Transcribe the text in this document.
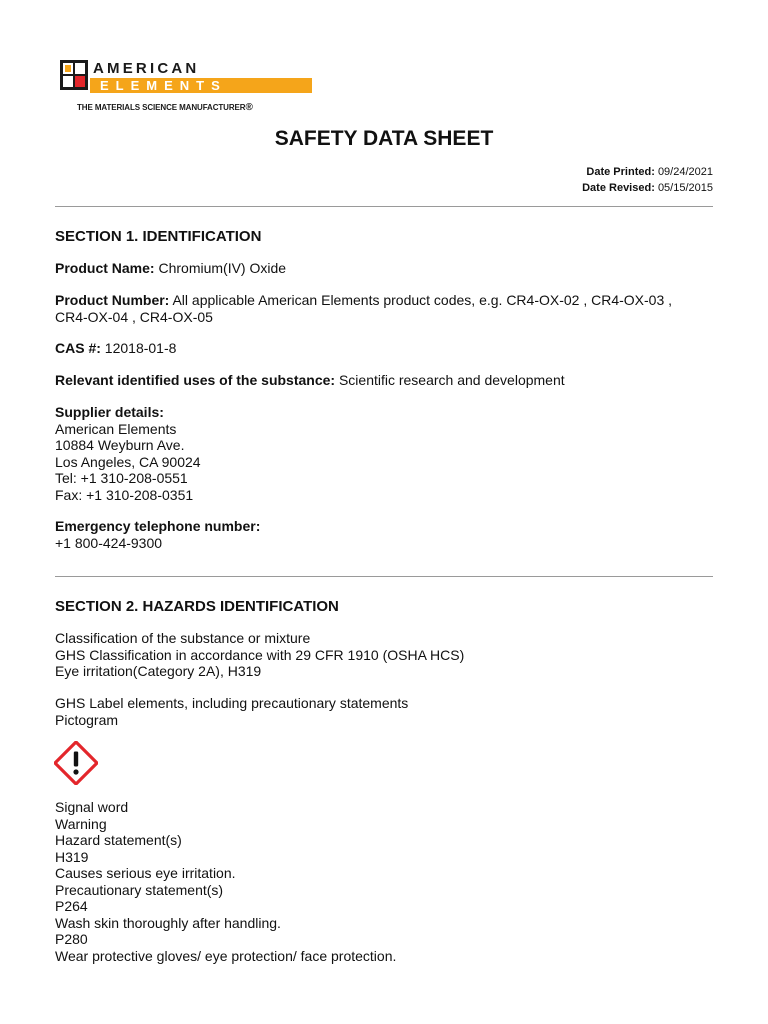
AMERICAN
ELEMENTS
THE MATERIALS SCIENCE MANUFACTURER®
SAFETY DATA SHEET
Date Printed: 09/24/2021
Date Revised: 05/15/2015
SECTION 1. IDENTIFICATION
Product Name: Chromium(IV) Oxide
Product Number: All applicable American Elements product codes, e.g. CR4-OX-02 , CR4-OX-03 , CR4-OX-04 , CR4-OX-05
CAS #: 12018-01-8
Relevant identified uses of the substance: Scientific research and development
Supplier details:
American Elements
10884 Weyburn Ave.
Los Angeles, CA 90024
Tel: +1 310-208-0551
Fax: +1 310-208-0351
Emergency telephone number:
+1 800-424-9300
SECTION 2. HAZARDS IDENTIFICATION
Classification of the substance or mixture
GHS Classification in accordance with 29 CFR 1910 (OSHA HCS)
Eye irritation(Category 2A), H319
GHS Label elements, including precautionary statements
Pictogram
Signal word
Warning
Hazard statement(s)
H319
Causes serious eye irritation.
Precautionary statement(s)
P264
Wash skin thoroughly after handling.
P280
Wear protective gloves/ eye protection/ face protection.
